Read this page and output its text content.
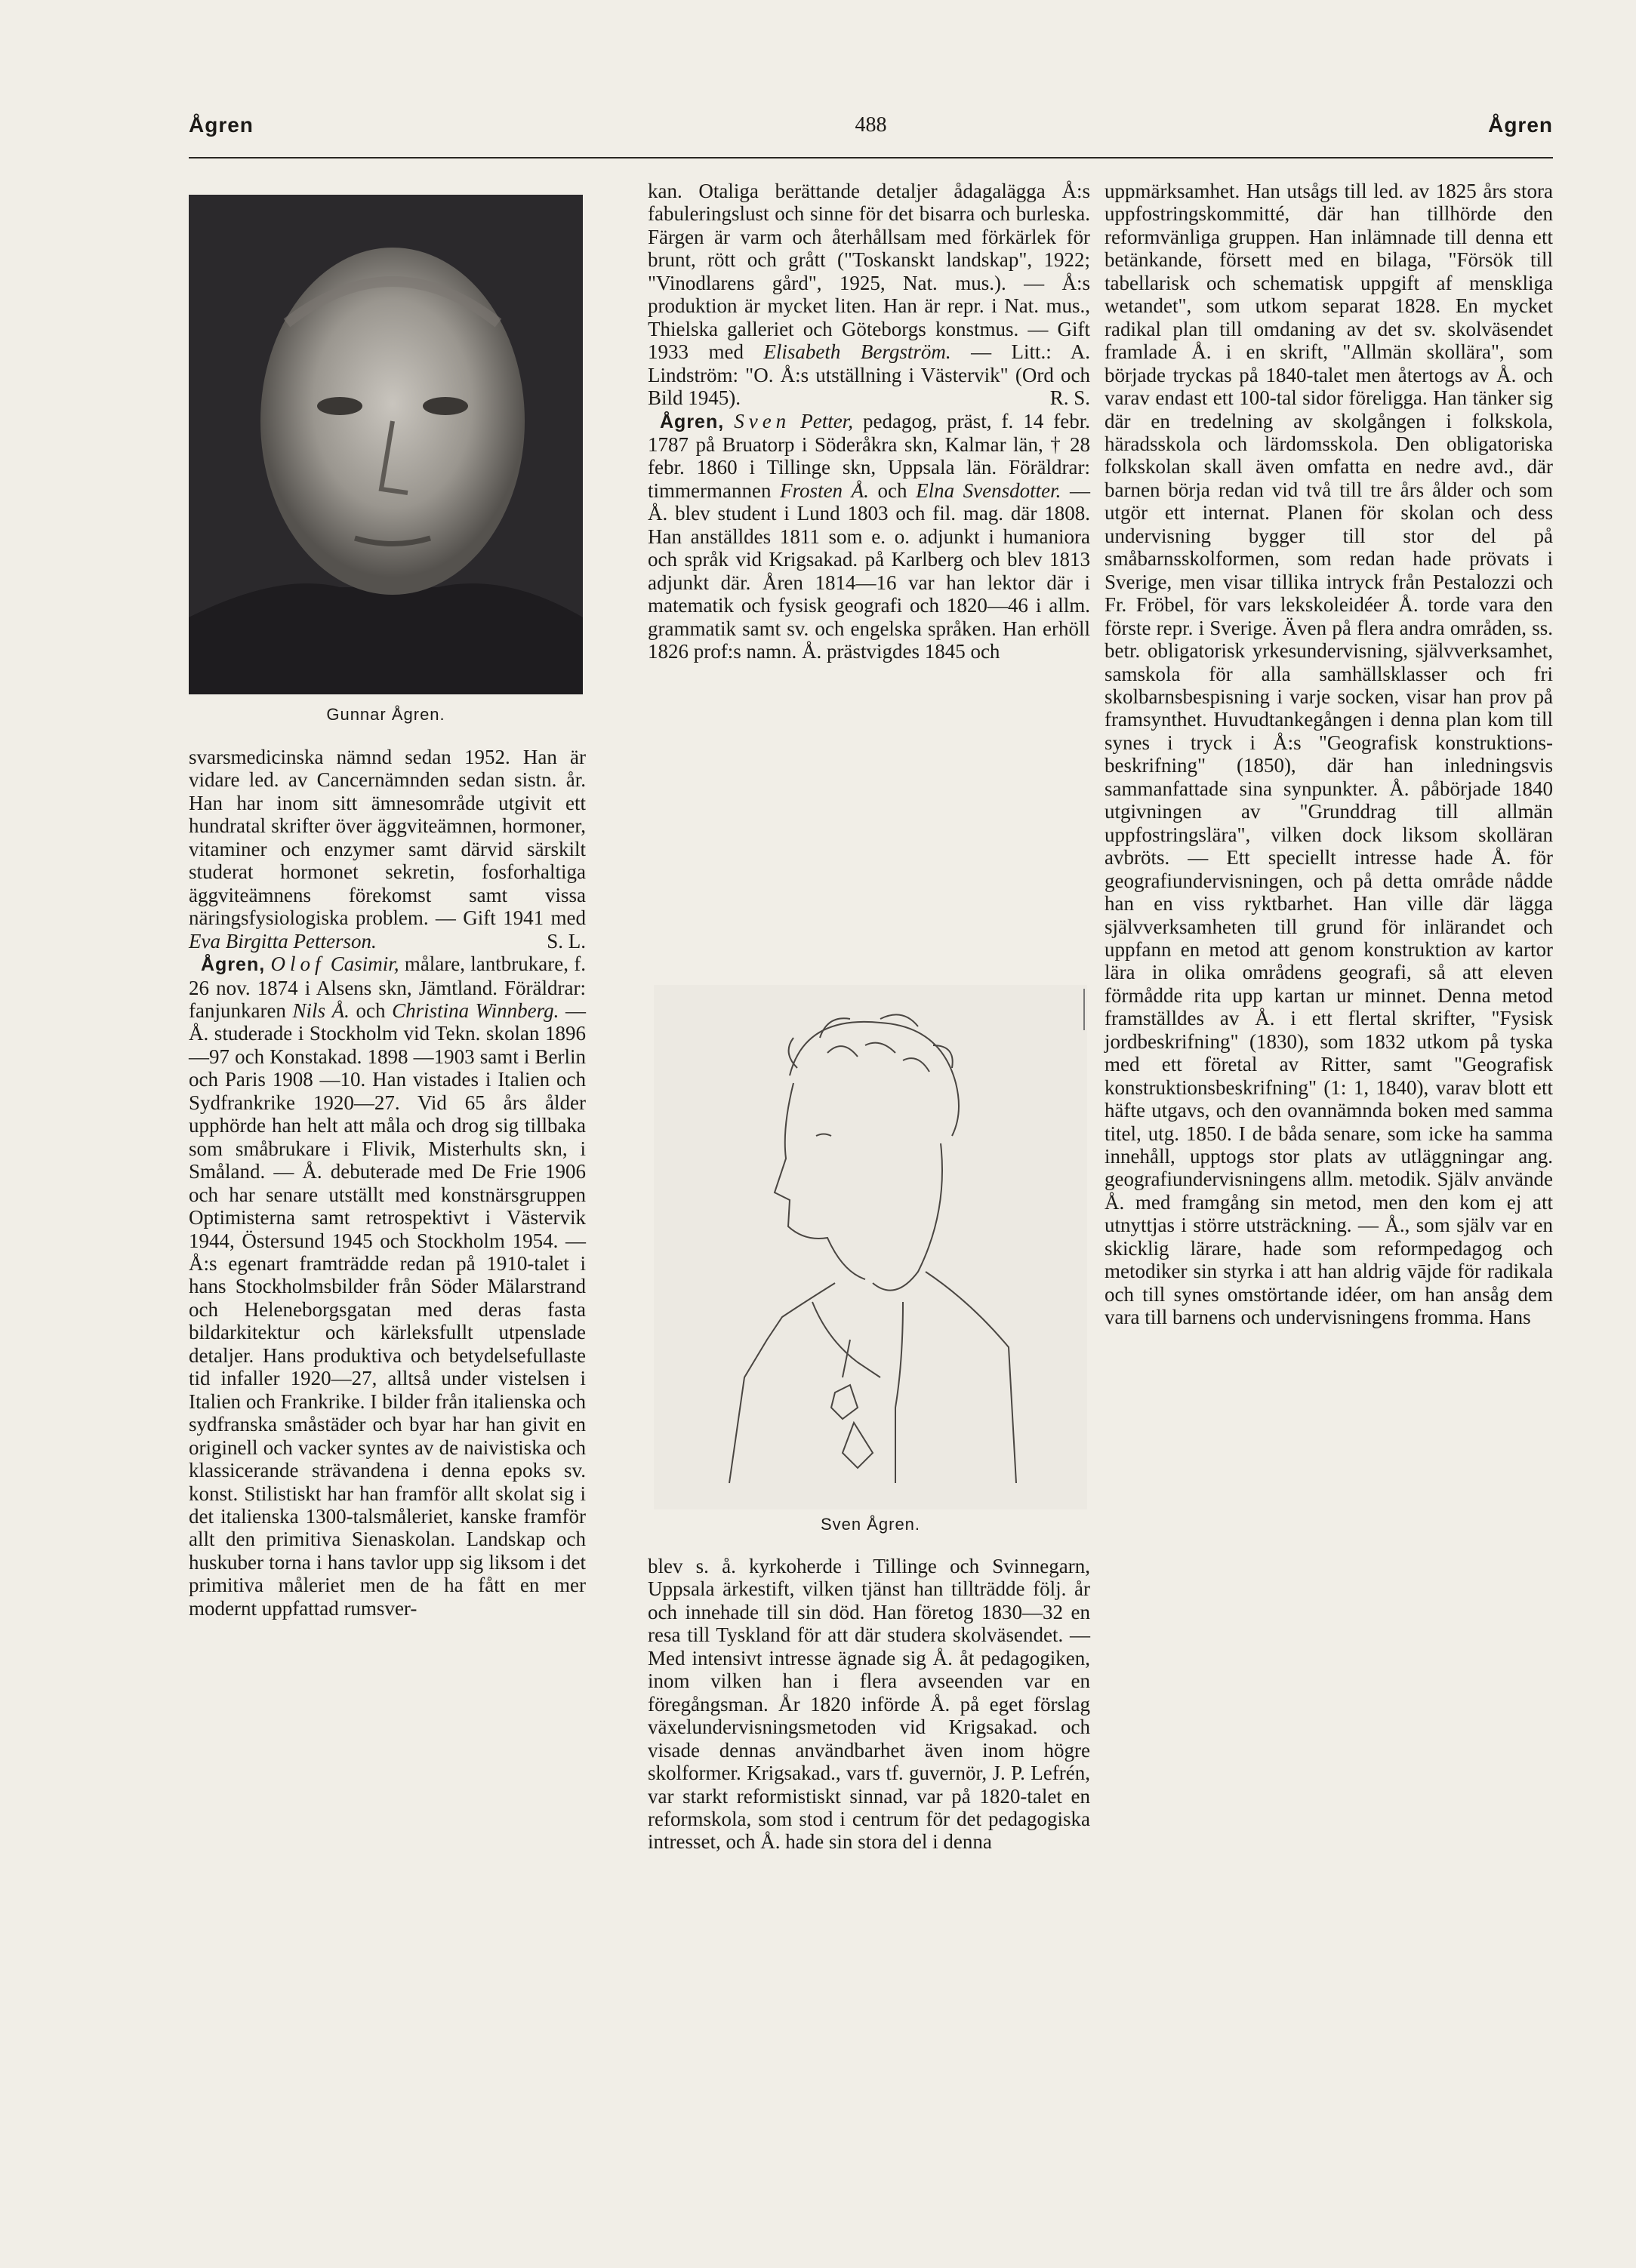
488
Ågren	Ågren
Gunnar Ågren.

svarsmedicinska nämnd sedan 1952. Han är vidare led. av Cancernämnden sedan sistn. år. Han har inom sitt ämnesområde utgivit ett hundratal skrifter över äggviteämnen, hormoner, vitaminer och enzymer samt därvid särskilt studerat hormonet sekretin, fosforhaltiga äggviteämnens förekomst samt vissa näringsfysiologiska problem. — Gift 1941 med Eva Birgitta Petterson.	S. L.

Ågren, Olof Casimir, målare, lantbrukare, f. 26 nov. 1874 i Alsens skn, Jämtland. Föräldrar: fanjunkaren Nils Å. och Christina Winnberg. — Å. studerade i Stockholm vid Tekn. skolan 1896—97 och Konstakad. 1898 —1903 samt i Berlin och Paris 1908 —10. Han vistades i Italien och Sydfrankrike 1920—27. Vid 65 års ålder upphörde han helt att måla och drog sig tillbaka som småbrukare i Flivik, Misterhults skn, i Småland. — Å. debuterade med De Frie 1906 och har senare utställt med konstnärsgruppen Optimisterna samt retrospektivt i Västervik 1944, Östersund 1945 och Stockholm 1954. — Å:s egenart framträdde redan på 1910-talet i hans Stockholmsbilder från Söder Mälarstrand och Heleneborgsgatan med deras fasta bildarkitektur och kärleksfullt utpenslade detaljer. Hans produktiva och betydelsefullaste tid infaller 1920—27, alltså under vistelsen i Italien och Frankrike. I bilder från italienska och sydfranska småstäder och byar har han givit en originell och vacker syntes av de naivistiska och klassicerande strävandena i denna epoks sv. konst. Stilistiskt har han framför allt skolat sig i det italienska 1300-talsmåleriet, kanske framför allt den primitiva Sienaskolan. Landskap och huskuber torna i hans tavlor upp sig liksom i det primitiva måleriet men de ha fått en mer modernt uppfattad rumsver-

kan. Otaliga berättande detaljer ådagalägga Å:s fabuleringslust och sinne för det bisarra och burleska. Färgen är varm och återhållsam med förkärlek för brunt, rött och grått ("Toskanskt landskap", 1922; "Vinodlarens gård", 1925, Nat. mus.). — Å:s produktion är mycket liten. Han är repr. i Nat. mus., Thielska galleriet och Göteborgs konstmus. — Gift 1933 med Elisabeth Bergström. — Litt.: A. Lindström: "O. Å:s utställning i Västervik" (Ord och Bild 1945).	R. S.

Ågren, Sven Petter, pedagog, präst, f. 14 febr. 1787 på Bruatorp i Söderåkra skn, Kalmar län, † 28 febr. 1860 i Tillinge skn, Uppsala län. Föräldrar: timmermannen Frosten Å. och Elna Svensdotter. — Å. blev student i Lund 1803 och fil. mag. där 1808. Han anställdes 1811 som e. o. adjunkt i humaniora och språk vid Krigsakad. på Karlberg och blev 1813 adjunkt där. Åren 1814—16 var han lektor där i matematik och fysisk geografi och 1820—46 i allm. grammatik samt sv. och engelska språken. Han erhöll 1826 prof:s namn. Å. prästvigdes 1845 och

Sven Ågren.

blev s. å. kyrkoherde i Tillinge och Svinnegarn, Uppsala ärkestift, vilken tjänst han tillträdde följ. år och innehade till sin död. Han företog 1830—32 en resa till Tyskland för att där studera skolväsendet. — Med intensivt intresse ägnade sig Å. åt pedagogiken, inom vilken han i flera avseenden var en föregångsman. År 1820 införde Å. på eget förslag växelundervisningsmetoden vid Krigsakad. och visade dennas användbarhet även inom högre skolformer. Krigsakad., vars tf. guvernör, J. P. Lefrén, var starkt reformistiskt sinnad, var på 1820-talet en reformskola, som stod i centrum för det pedagogiska intresset, och Å. hade sin stora del i denna

uppmärksamhet. Han utsågs till led. av 1825 års stora uppfostringskommitté, där han tillhörde den reformvänliga gruppen. Han inlämnade till denna ett betänkande, försett med en bilaga, "Försök till tabellarisk och schematisk uppgift af menskliga wetandet", som utkom separat 1828. En mycket radikal plan till omdaning av det sv. skolväsendet framlade Å. i en skrift, "Allmän skollära", som började tryckas på 1840-talet men återtogs av Å. och varav endast ett 100-tal sidor föreligga. Han tänker sig där en tredelning av skolgången i folkskola, häradsskola och lärdomsskola. Den obligatoriska folkskolan skall även omfatta en nedre avd., där barnen börja redan vid två till tre års ålder och som utgör ett internat. Planen för skolan och dess undervisning bygger till stor del på småbarnsskolformen, som redan hade prövats i Sverige, men visar tillika intryck från Pestalozzi och Fr. Fröbel, för vars lekskoleidéer Å. torde vara den förste repr. i Sverige. Även på flera andra områden, ss. betr. obligatorisk yrkesundervisning, självverksamhet, samskola för alla samhällsklasser och fri skolbarnsbespisning i varje socken, visar han prov på framsynthet. Huvudtankegången i denna plan kom till synes i tryck i Å:s "Geografisk konstruktions-beskrifning" (1850), där han inledningsvis sammanfattade sina synpunkter. Å. påbörjade 1840 utgivningen av "Grunddrag till allmän uppfostringslära", vilken dock liksom skolläran avbröts. — Ett speciellt intresse hade Å. för geografiundervisningen, och på detta område nådde han en viss ryktbarhet. Han ville där lägga självverksamheten till grund för inlärandet och uppfann en metod att genom konstruktion av kartor lära in olika områdens geografi, så att eleven förmådde rita upp kartan ur minnet. Denna metod framställdes av Å. i ett flertal skrifter, "Fysisk jordbeskrifning" (1830), som 1832 utkom på tyska med ett företal av Ritter, samt "Geografisk konstruktionsbeskrifning" (1: 1, 1840), varav blott ett häfte utgavs, och den ovannämnda boken med samma titel, utg. 1850. I de båda senare, som icke ha samma innehåll, upptogs stor plats av utläggningar ang. geografiundervisningens allm. metodik. Själv använde Å. med framgång sin metod, men den kom ej att utnyttjas i större utsträckning. — Å., som själv var en skicklig lärare, hade som reformpedagog och metodiker sin styrka i att han aldrig vājde för radikala och till synes omstörtande idéer, om han ansåg dem vara till barnens och undervisningens fromma. Hans
